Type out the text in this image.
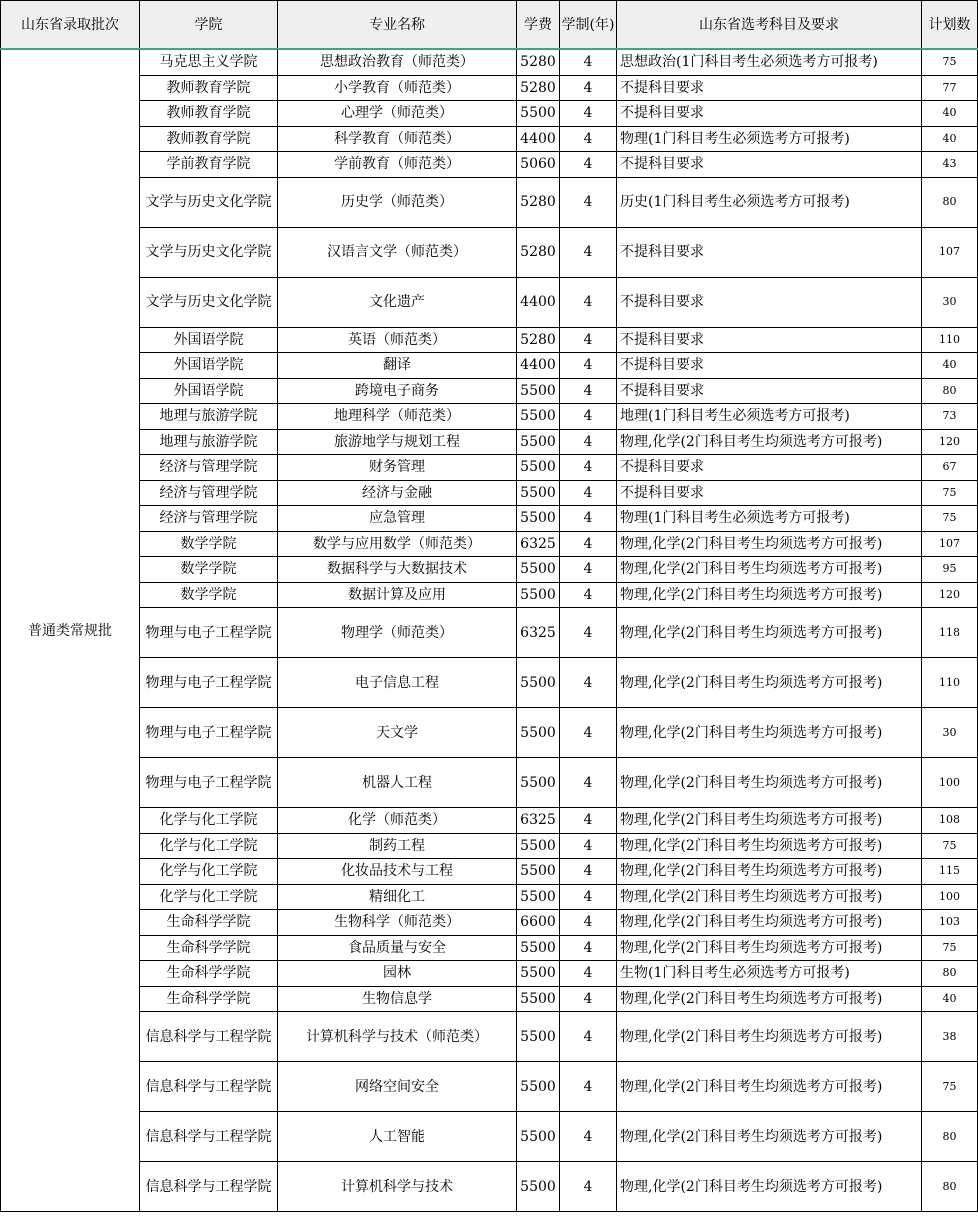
山东省录取批次	学院	专业名称	学费	学制(年)	山东省选考科目及要求	计划数
普通类常规批	马克思主义学院	思想政治教育（师范类）	5280	4	思想政治(1门科目考生必须选考方可报考)	75
	教师教育学院	小学教育（师范类）	5280	4	不提科目要求	77
	教师教育学院	心理学（师范类）	5500	4	不提科目要求	40
	教师教育学院	科学教育（师范类）	4400	4	物理(1门科目考生必须选考方可报考)	40
	学前教育学院	学前教育（师范类）	5060	4	不提科目要求	43
	文学与历史文化学院	历史学（师范类）	5280	4	历史(1门科目考生必须选考方可报考)	80
	文学与历史文化学院	汉语言文学（师范类）	5280	4	不提科目要求	107
	文学与历史文化学院	文化遗产	4400	4	不提科目要求	30
	外国语学院	英语（师范类）	5280	4	不提科目要求	110
	外国语学院	翻译	4400	4	不提科目要求	40
	外国语学院	跨境电子商务	5500	4	不提科目要求	80
	地理与旅游学院	地理科学（师范类）	5500	4	地理(1门科目考生必须选考方可报考)	73
	地理与旅游学院	旅游地学与规划工程	5500	4	物理,化学(2门科目考生均须选考方可报考)	120
	经济与管理学院	财务管理	5500	4	不提科目要求	67
	经济与管理学院	经济与金融	5500	4	不提科目要求	75
	经济与管理学院	应急管理	5500	4	物理(1门科目考生必须选考方可报考)	75
	数学学院	数学与应用数学（师范类）	6325	4	物理,化学(2门科目考生均须选考方可报考)	107
	数学学院	数据科学与大数据技术	5500	4	物理,化学(2门科目考生均须选考方可报考)	95
	数学学院	数据计算及应用	5500	4	物理,化学(2门科目考生均须选考方可报考)	120
	物理与电子工程学院	物理学（师范类）	6325	4	物理,化学(2门科目考生均须选考方可报考)	118
	物理与电子工程学院	电子信息工程	5500	4	物理,化学(2门科目考生均须选考方可报考)	110
	物理与电子工程学院	天文学	5500	4	物理,化学(2门科目考生均须选考方可报考)	30
	物理与电子工程学院	机器人工程	5500	4	物理,化学(2门科目考生均须选考方可报考)	100
	化学与化工学院	化学（师范类）	6325	4	物理,化学(2门科目考生均须选考方可报考)	108
	化学与化工学院	制药工程	5500	4	物理,化学(2门科目考生均须选考方可报考)	75
	化学与化工学院	化妆品技术与工程	5500	4	物理,化学(2门科目考生均须选考方可报考)	115
	化学与化工学院	精细化工	5500	4	物理,化学(2门科目考生均须选考方可报考)	100
	生命科学学院	生物科学（师范类）	6600	4	物理,化学(2门科目考生均须选考方可报考)	103
	生命科学学院	食品质量与安全	5500	4	物理,化学(2门科目考生均须选考方可报考)	75
	生命科学学院	园林	5500	4	生物(1门科目考生必须选考方可报考)	80
	生命科学学院	生物信息学	5500	4	物理,化学(2门科目考生均须选考方可报考)	40
	信息科学与工程学院	计算机科学与技术（师范类）	5500	4	物理,化学(2门科目考生均须选考方可报考)	38
	信息科学与工程学院	网络空间安全	5500	4	物理,化学(2门科目考生均须选考方可报考)	75
	信息科学与工程学院	人工智能	5500	4	物理,化学(2门科目考生均须选考方可报考)	80
	信息科学与工程学院	计算机科学与技术	5500	4	物理,化学(2门科目考生均须选考方可报考)	80
